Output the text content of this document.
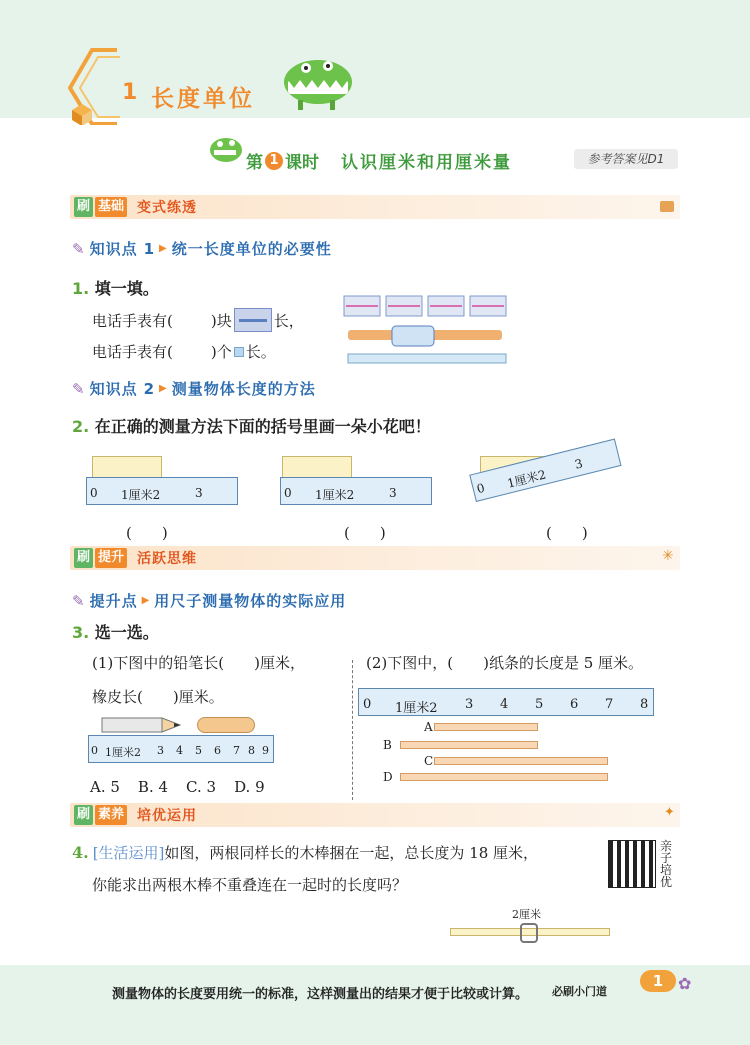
1 长度单位
第 1 课时 认识厘米和用厘米量	参考答案见D1
刷 基础 变式练透
✎ 知识点 1 ▶ 统一长度单位的必要性
1. 填一填。
电话手表有(	)块	长，
电话手表有(	)个 长。
✎ 知识点 2 ▶ 测量物体长度的方法
2. 在正确的测量方法下面的括号里画一朵小花吧！
0 1厘米2	3
(　　)
0 1厘米2	3
(　　)
0 1厘米2
3
(　　)
刷 提升 活跃思维	✳
✎ 提升点 ▶ 用尺子测量物体的实际应用
3. 选一选。
(1)下图中的铅笔长(　　)厘米，
橡皮长(　　)厘米。
(2)下图中，(　　)纸条的长度是 5 厘米。
0 1厘米2 3 4 5 6 7 8 9
A. 5 B. 4 C. 3 D. 9
0 1厘米2 3 4 5 6 7 8
A
B
C
D
刷 素养 培优运用	✦
4. [生活运用] 如图，两根同样长的木棒捆在一起，总长度为 18 厘米，
你能求出两根木棒不重叠连在一起时的长度吗？
亲子培优
2厘米
测量物体的长度要用统一的标准，这样测量出的结果才便于比较或计算。 必刷小门道
1 ✿
